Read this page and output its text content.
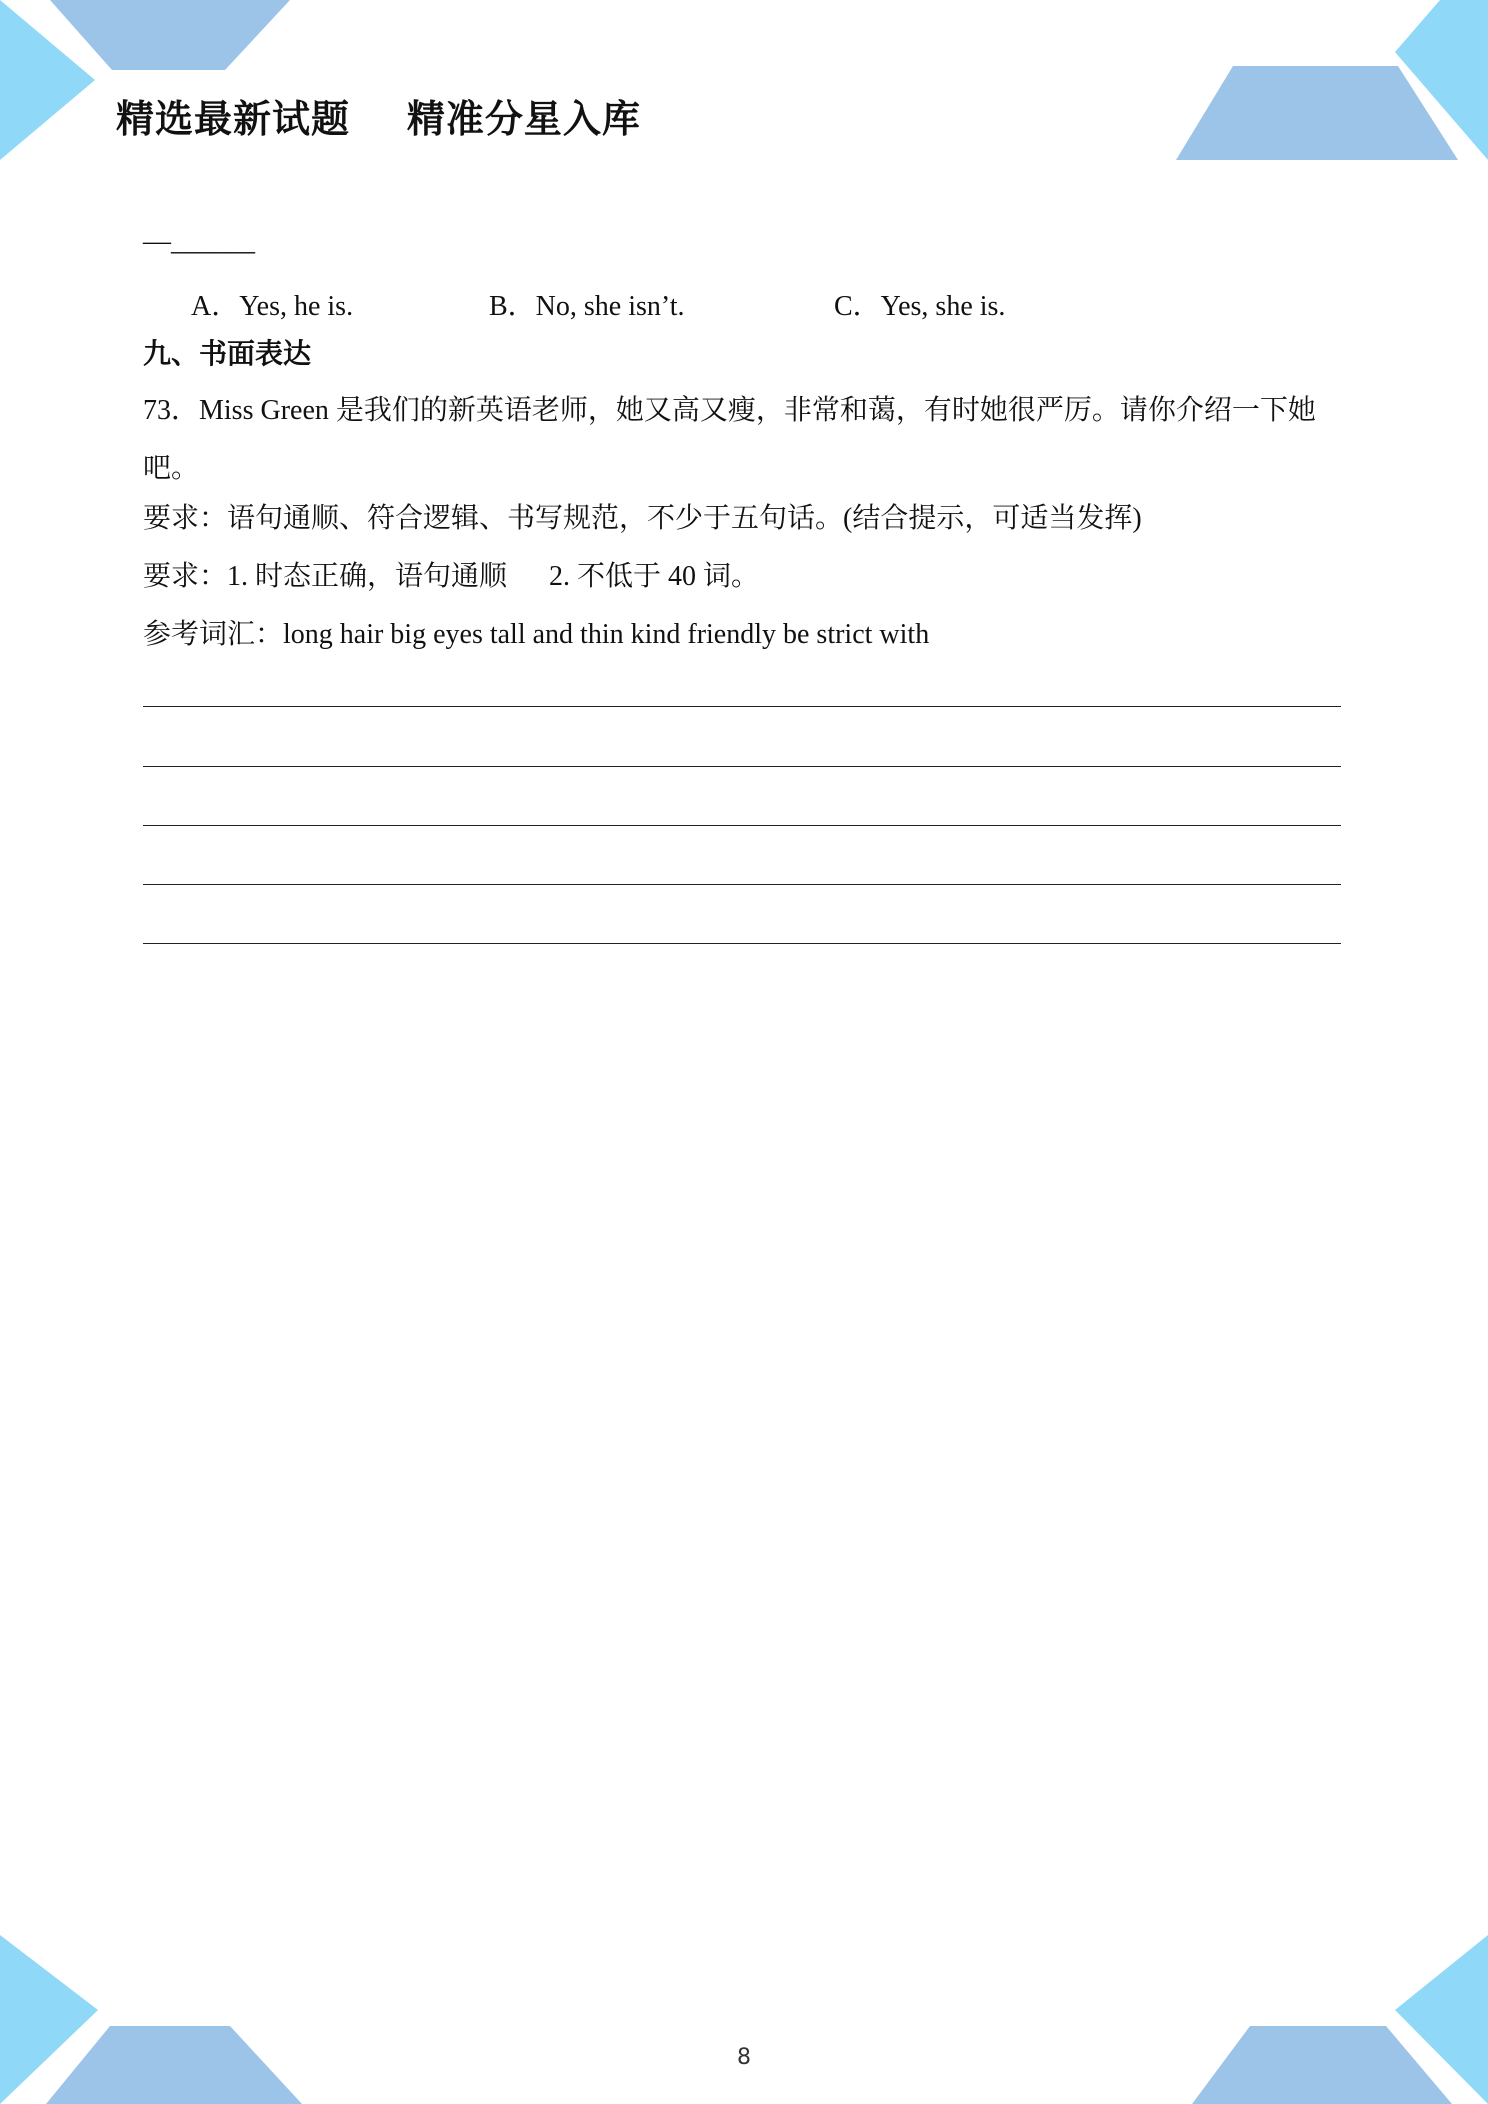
精选最新试题    精准分星入库
—______

A．Yes, he is.

	B．No, she isn’t.

	C．Yes, she is.

九、书面表达
73．Miss Green 是我们的新英语老师，她又高又瘦，非常和蔼，有时她很严厉。请你介绍一下她吧。
要求：语句通顺、符合逻辑、书写规范，不少于五句话。(结合提示，可适当发挥)
要求：1. 时态正确，语句通顺      2. 不低于 40 词。
参考词汇：long hair big eyes tall and thin kind friendly be strict with
8
